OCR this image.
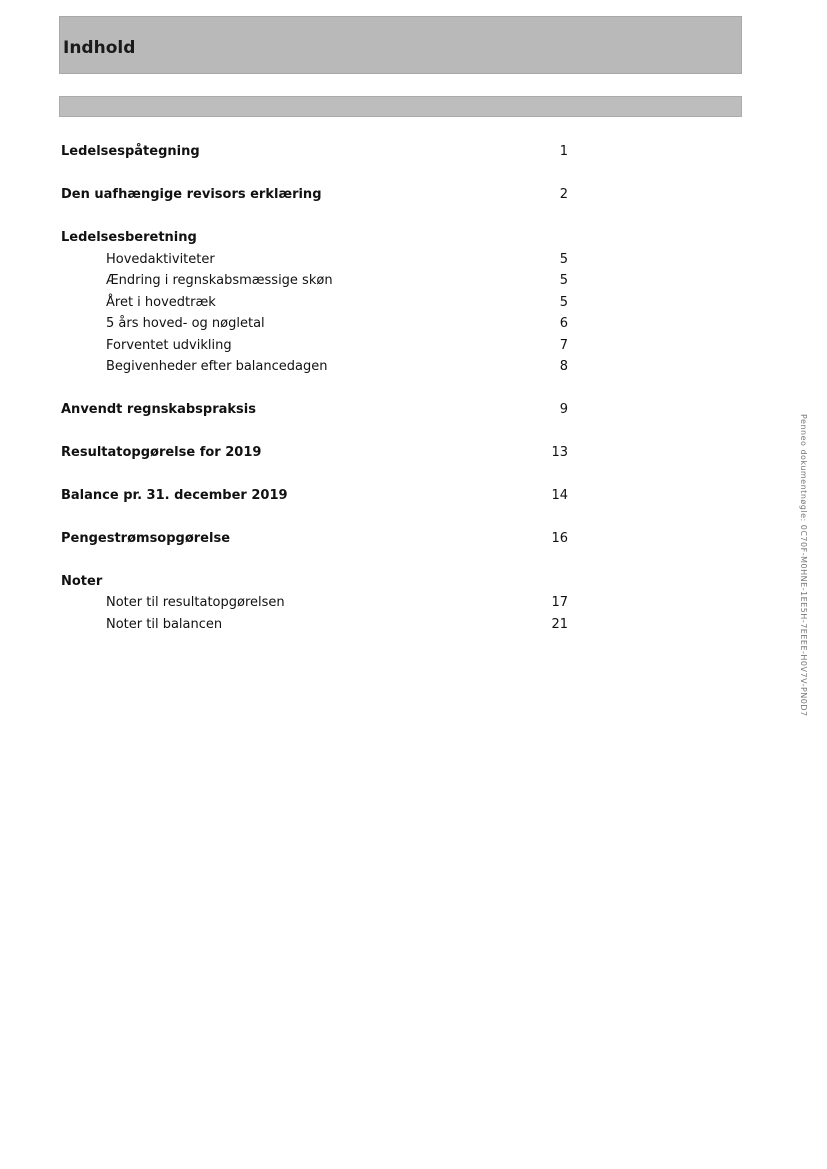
Indhold
Ledelsespåtegning	1
Den uafhængige revisors erklæring	2
Ledelsesberetning
Hovedaktiviteter	5
Ændring i regnskabsmæssige skøn	5
Året i hovedtræk	5
5 års hoved- og nøgletal	6
Forventet udvikling	7
Begivenheder efter balancedagen	8
Anvendt regnskabspraksis	9
Resultatopgørelse for 2019	13
Balance pr. 31. december 2019	14
Pengestrømsopgørelse	16
Noter
Noter til resultatopgørelsen	17
Noter til balancen	21	Penneo dokumentnøgle: 0C70F-M0HNE-1EE5H-7EEEE-H0V7V-PN0D7
